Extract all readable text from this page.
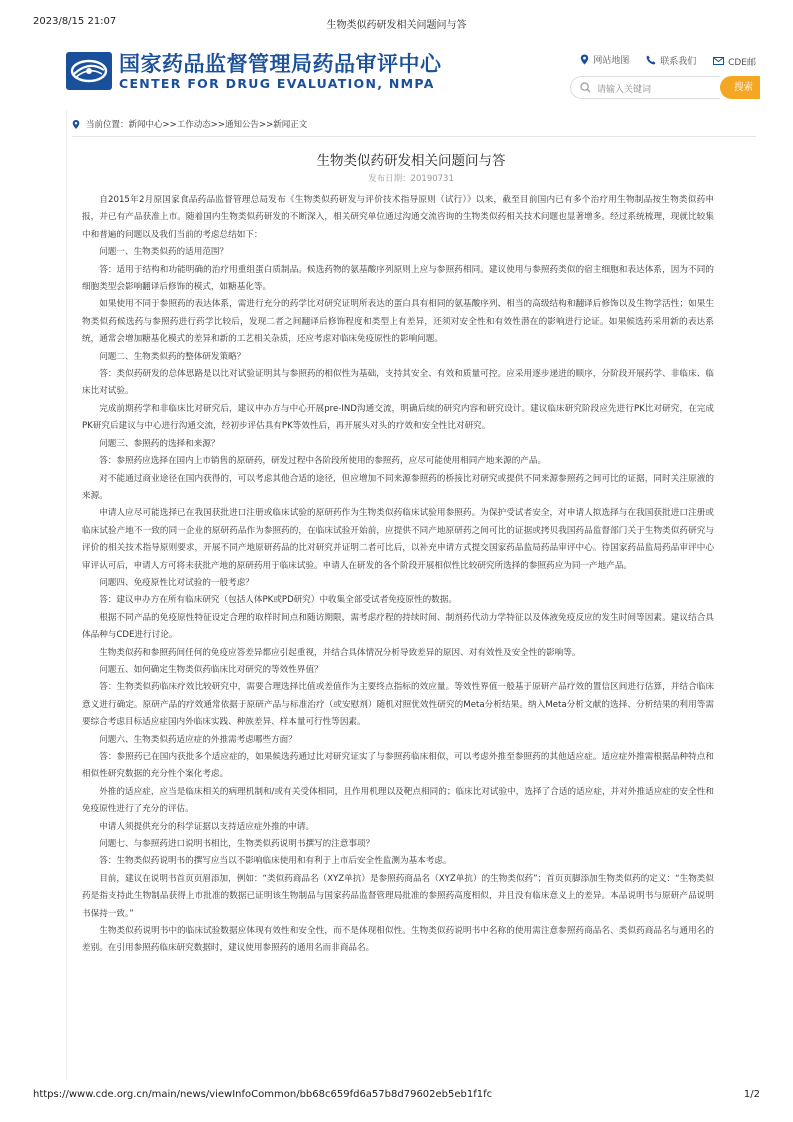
2023/8/15 21:07	生物类似药研发相关问题问与答
国家药品监督管理局药品审评中心
CENTER FOR DRUG EVALUATION, NMPA
网站地图
	联系我们
	CDE邮
请输入关键词	搜索
当前位置：新闻中心>>工作动态>>通知公告>>新闻正文
生物类似药研发相关问题问与答
发布日期：20190731

自2015年2月原国家食品药品监督管理总局发布《生物类似药研发与评价技术指导原则（试行）》以来，截至目前国内已有多个治疗用生物制品按生物类似药申报，并已有产品获准上市。随着国内生物类似药研发的不断深入，相关研究单位通过沟通交流咨询的生物类似药相关技术问题也显著增多。经过系统梳理，现就比较集中和普遍的问题以及我们当前的考虑总结如下：

问题一、生物类似药的适用范围？

答：适用于结构和功能明确的治疗用重组蛋白质制品。候选药物的氨基酸序列原则上应与参照药相同。建议使用与参照药类似的宿主细胞和表达体系，因为不同的细胞类型会影响翻译后修饰的模式，如糖基化等。

如果使用不同于参照药的表达体系，需进行充分的药学比对研究证明所表达的蛋白具有相同的氨基酸序列、相当的高级结构和翻译后修饰以及生物学活性；如果生物类似药候选药与参照药进行药学比较后，发现二者之间翻译后修饰程度和类型上有差异，还须对安全性和有效性潜在的影响进行论证。如果候选药采用新的表达系统，通常会增加糖基化模式的差异和新的工艺相关杂质，还应考虑对临床免疫原性的影响问题。

问题二、生物类似药的整体研发策略？

答：类似药研发的总体思路是以比对试验证明其与参照药的相似性为基础，支持其安全、有效和质量可控。应采用逐步递进的顺序，分阶段开展药学、非临床、临床比对试验。

完成前期药学和非临床比对研究后，建议申办方与中心开展pre-IND沟通交流，明确后续的研究内容和研究设计。建议临床研究阶段应先进行PK比对研究，在完成PK研究后建议与中心进行沟通交流，经初步评估具有PK等效性后，再开展头对头的疗效和安全性比对研究。

问题三、参照药的选择和来源？

答：参照药应选择在国内上市销售的原研药，研发过程中各阶段所使用的参照药，应尽可能使用相同产地来源的产品。

对不能通过商业途径在国内获得的，可以考虑其他合适的途径，但应增加不同来源参照药的桥接比对研究或提供不同来源参照药之间可比的证据，同时关注原液的来源。

申请人应尽可能选择已在我国获批进口注册或临床试验的原研药作为生物类似药临床试验用参照药。为保护受试者安全，对申请人拟选择与在我国获批进口注册或临床试验产地不一致的同一企业的原研药品作为参照药的，在临床试验开始前，应提供不同产地原研药之间可比的证据或拷贝我国药品监督部门关于生物类似药研究与评价的相关技术指导原则要求，开展不同产地原研药品的比对研究并证明二者可比后，以补充申请方式提交国家药品监局药品审评中心。待国家药品监局药品审评中心审评认可后，申请人方可将未获批产地的原研药用于临床试验。申请人在研发的各个阶段开展相似性比较研究所选择的参照药应为同一产地产品。

问题四、免疫原性比对试验的一般考虑？

答：建议申办方在所有临床研究（包括人体PK或PD研究）中收集全部受试者免疫原性的数据。

根据不同产品的免疫原性特征设定合理的取样时间点和随访期限，需考虑疗程的持续时间、制剂药代动力学特征以及体液免疫反应的发生时间等因素。建议结合具体品种与CDE进行讨论。

生物类似药和参照药间任何的免疫应答差异都应引起重视，并结合具体情况分析导致差异的原因、对有效性及安全性的影响等。

问题五、如何确定生物类似药临床比对研究的等效性界值？

答：生物类似药临床疗效比较研究中，需要合理选择比值或差值作为主要终点指标的效应量。等效性界值一般基于原研产品疗效的置信区间进行估算，并结合临床意义进行确定。原研产品的疗效通常依据于原研产品与标准治疗（或安慰剂）随机对照优效性研究的Meta分析结果。纳入Meta分析文献的选择、分析结果的利用等需要综合考虑目标适应症国内外临床实践、种族差异、样本量可行性等因素。

问题六、生物类似药适应症的外推需考虑哪些方面？

答：参照药已在国内获批多个适应症的，如果候选药通过比对研究证实了与参照药临床相似，可以考虑外推至参照药的其他适应症。适应症外推需根据品种特点和相似性研究数据的充分性个案化考虑。

外推的适应症，应当是临床相关的病理机制和/或有关受体相同，且作用机理以及靶点相同的；临床比对试验中，选择了合适的适应症，并对外推适应症的安全性和免疫原性进行了充分的评估。

申请人须提供充分的科学证据以支持适应症外推的申请。

问题七、与参照药进口说明书相比，生物类似药说明书撰写的注意事项？

答：生物类似药说明书的撰写应当以不影响临床使用和有利于上市后安全性监测为基本考虑。

目前，建议在说明书首页页眉添加，例如：“类似药商品名（XYZ单抗）是参照药商品名（XYZ单抗）的生物类似药”；首页页脚添加生物类似药的定义：“生物类似药是指支持此生物制品获得上市批准的数据已证明该生物制品与国家药品监督管理局批准的参照药高度相似，并且没有临床意义上的差异。本品说明书与原研产品说明书保持一致。”

生物类似药说明书中的临床试验数据应体现有效性和安全性，而不是体现相似性。生物类似药说明书中名称的使用需注意参照药商品名、类似药商品名与通用名的差别。在引用参照药临床研究数据时，建议使用参照药的通用名而非商品名。

https://www.cde.org.cn/main/news/viewInfoCommon/bb68c659fd6a57b8d79602eb5eb1f1fc	1/2
